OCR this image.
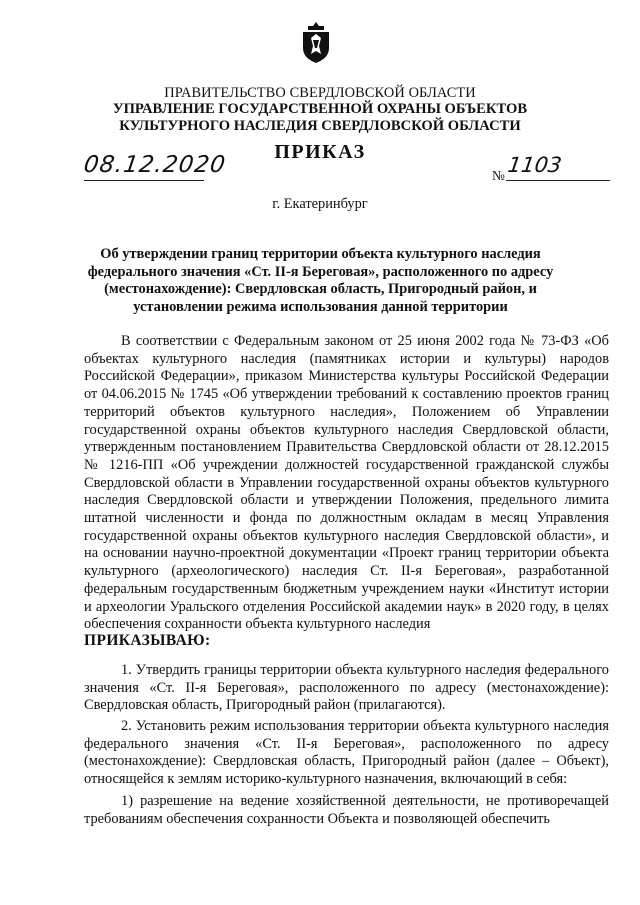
ПРАВИТЕЛЬСТВО СВЕРДЛОВСКОЙ ОБЛАСТИ
УПРАВЛЕНИЕ ГОСУДАРСТВЕННОЙ ОХРАНЫ ОБЪЕКТОВ КУЛЬТУРНОГО НАСЛЕДИЯ СВЕРДЛОВСКОЙ ОБЛАСТИ
ПРИКАЗ
08.12.2020	№ 1103
г. Екатеринбург
Об утверждении границ территории объекта культурного наследия федерального значения «Ст. II-я Береговая», расположенного по адресу (местонахождение): Свердловская область, Пригородный район, и установлении режима использования данной территории

В соответствии с Федеральным законом от 25 июня 2002 года № 73-ФЗ «Об объектах культурного наследия (памятниках истории и культуры) народов Российской Федерации», приказом Министерства культуры Российской Федерации от 04.06.2015 № 1745 «Об утверждении требований к составлению проектов границ территорий объектов культурного наследия», Положением об Управлении государственной охраны объектов культурного наследия Свердловской области, утвержденным постановлением Правительства Свердловской области от 28.12.2015 № 1216-ПП «Об учреждении должностей государственной гражданской службы Свердловской области в Управлении государственной охраны объектов культурного наследия Свердловской области и утверждении Положения, предельного лимита штатной численности и фонда по должностным окладам в месяц Управления государственной охраны объектов культурного наследия Свердловской области», и на основании научно-проектной документации «Проект границ территории объекта культурного (археологического) наследия Ст. II-я Береговая», разработанной федеральным государственным бюджетным учреждением науки «Институт истории и археологии Уральского отделения Российской академии наук» в 2020 году, в целях обеспечения сохранности объекта культурного наследия

ПРИКАЗЫВАЮ:

1. Утвердить границы территории объекта культурного наследия федерального значения «Ст. II-я Береговая», расположенного по адресу (местонахождение): Свердловская область, Пригородный район (прилагаются).

2. Установить режим использования территории объекта культурного наследия федерального значения «Ст. II-я Береговая», расположенного по адресу (местонахождение): Свердловская область, Пригородный район (далее – Объект), относящейся к землям историко-культурного назначения, включающий в себя:

1) разрешение на ведение хозяйственной деятельности, не противоречащей требованиям обеспечения сохранности Объекта и позволяющей обеспечить
